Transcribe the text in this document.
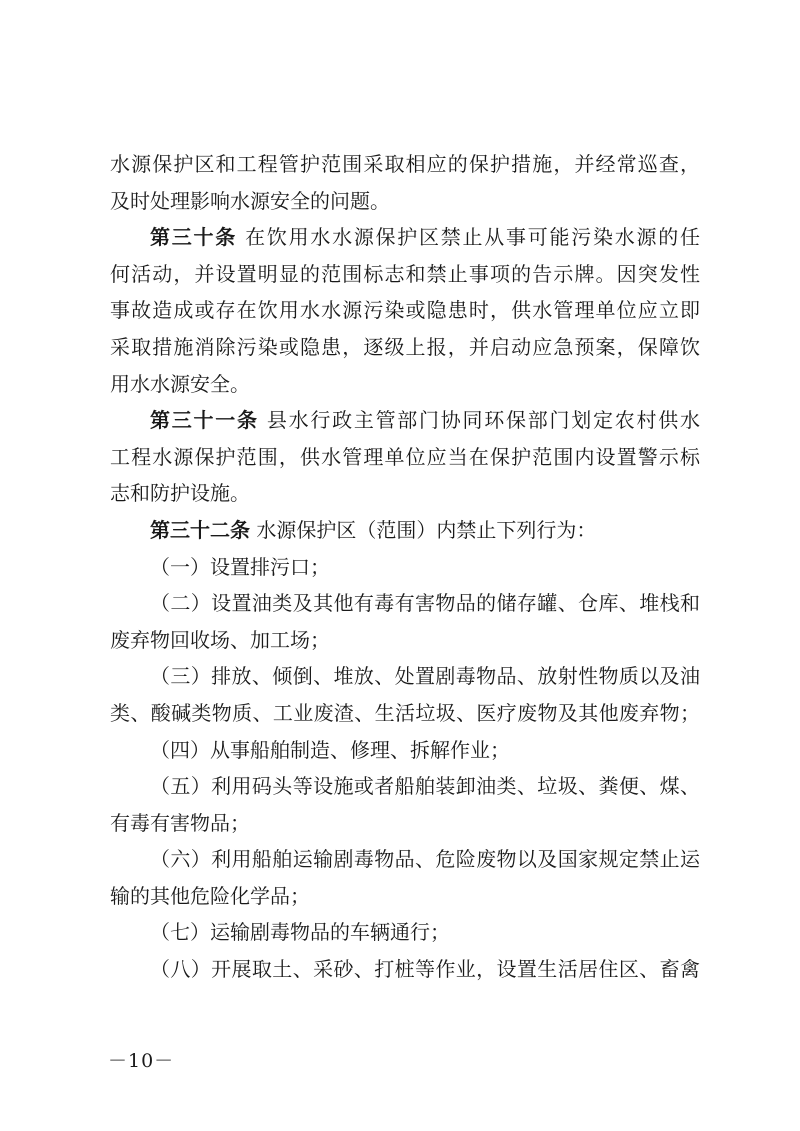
水源保护区和工程管护范围采取相应的保护措施，并经常巡查，
及时处理影响水源安全的问题。
第三十条 在饮用水水源保护区禁止从事可能污染水源的任
何活动，并设置明显的范围标志和禁止事项的告示牌。因突发性
事故造成或存在饮用水水源污染或隐患时，供水管理单位应立即
采取措施消除污染或隐患，逐级上报，并启动应急预案，保障饮
用水水源安全。
第三十一条 县水行政主管部门协同环保部门划定农村供水
工程水源保护范围，供水管理单位应当在保护范围内设置警示标
志和防护设施。
第三十二条 水源保护区（范围）内禁止下列行为：
（一）设置排污口；
（二）设置油类及其他有毒有害物品的储存罐、仓库、堆栈和
废弃物回收场、加工场；
（三）排放、倾倒、堆放、处置剧毒物品、放射性物质以及油
类、酸碱类物质、工业废渣、生活垃圾、医疗废物及其他废弃物；
（四）从事船舶制造、修理、拆解作业；
（五）利用码头等设施或者船舶装卸油类、垃圾、粪便、煤、
有毒有害物品；
（六）利用船舶运输剧毒物品、危险废物以及国家规定禁止运
输的其他危险化学品；
（七）运输剧毒物品的车辆通行；
（八）开展取土、采砂、打桩等作业，设置生活居住区、畜禽
－10－
